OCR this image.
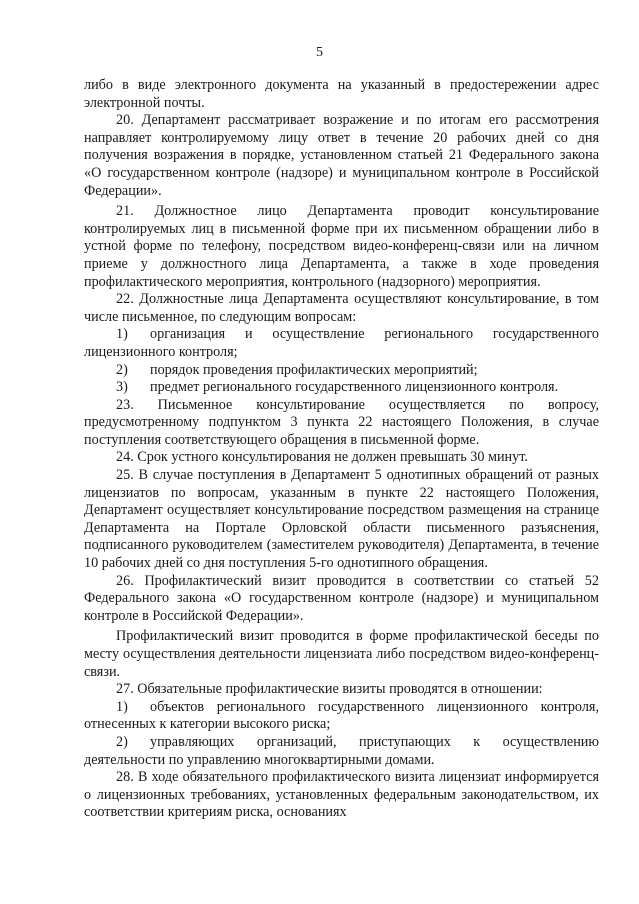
5

либо в виде электронного документа на указанный в предостережении адрес электронной почты.

20. Департамент рассматривает возражение и по итогам его рассмотрения направляет контролируемому лицу ответ в течение 20 рабочих дней со дня получения возражения в порядке, установленном статьей 21 Федерального закона «О государственном контроле (надзоре) и муниципальном контроле в Российской Федерации».

21. Должностное лицо Департамента проводит консультирование контролируемых лиц в письменной форме при их письменном обращении либо в устной форме по телефону, посредством видео-конференц-связи или на личном приеме у должностного лица Департамента, а также в ходе проведения профилактического мероприятия, контрольного (надзорного) мероприятия.

22. Должностные лица Департамента осуществляют консультирование, в том числе письменное, по следующим вопросам:

1) организация и осуществление регионального государственного лицензионного контроля;

2) порядок проведения профилактических мероприятий;

3) предмет регионального государственного лицензионного контроля.

23. Письменное консультирование осуществляется по вопросу, предусмотренному подпунктом 3 пункта 22 настоящего Положения, в случае поступления соответствующего обращения в письменной форме.

24. Срок устного консультирования не должен превышать 30 минут.

25. В случае поступления в Департамент 5 однотипных обращений от разных лицензиатов по вопросам, указанным в пункте 22 настоящего Положения, Департамент осуществляет консультирование посредством размещения на странице Департамента на Портале Орловской области письменного разъяснения, подписанного руководителем (заместителем руководителя) Департамента, в течение 10 рабочих дней со дня поступления 5-го однотипного обращения.

26. Профилактический визит проводится в соответствии со статьей 52 Федерального закона «О государственном контроле (надзоре) и муниципальном контроле в Российской Федерации».

Профилактический визит проводится в форме профилактической беседы по месту осуществления деятельности лицензиата либо посредством видео-конференц-связи.

27. Обязательные профилактические визиты проводятся в отношении:

1) объектов регионального государственного лицензионного контроля, отнесенных к категории высокого риска;

2) управляющих организаций, приступающих к осуществлению деятельности по управлению многоквартирными домами.

28. В ходе обязательного профилактического визита лицензиат информируется о лицензионных требованиях, установленных федеральным законодательством, их соответствии критериям риска, основаниях
